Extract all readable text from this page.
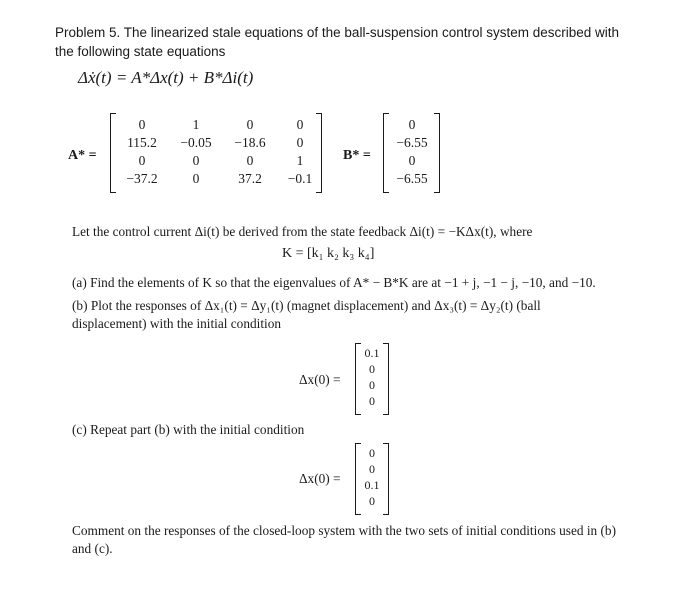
Problem 5. The linearized stale equations of the ball-suspension control system described with
the following state equations
Δẋ(t) = A*Δx(t) + B*Δi(t)
A* =
0	1	0	0
115.2	−0.05	−18.6	0
0	0	0	1
−37.2	0	37.2	−0.1
B* =
0
−6.55
0
−6.55
Let the control current Δi(t) be derived from the state feedback Δi(t) = −KΔx(t), where
K = [k₁ k₂ k₃ k₄]
(a) Find the elements of K so that the eigenvalues of A* − B*K are at −1 + j, −1 − j, −10, and −10.
(b) Plot the responses of Δx₁(t) = Δy₁(t) (magnet displacement) and Δx₃(t) = Δy₂(t) (ball
displacement) with the initial condition
Δx(0) =
0.1
0
0
0
(c) Repeat part (b) with the initial condition
Δx(0) =
0
0
0.1
0
Comment on the responses of the closed-loop system with the two sets of initial conditions used in (b)
and (c).
